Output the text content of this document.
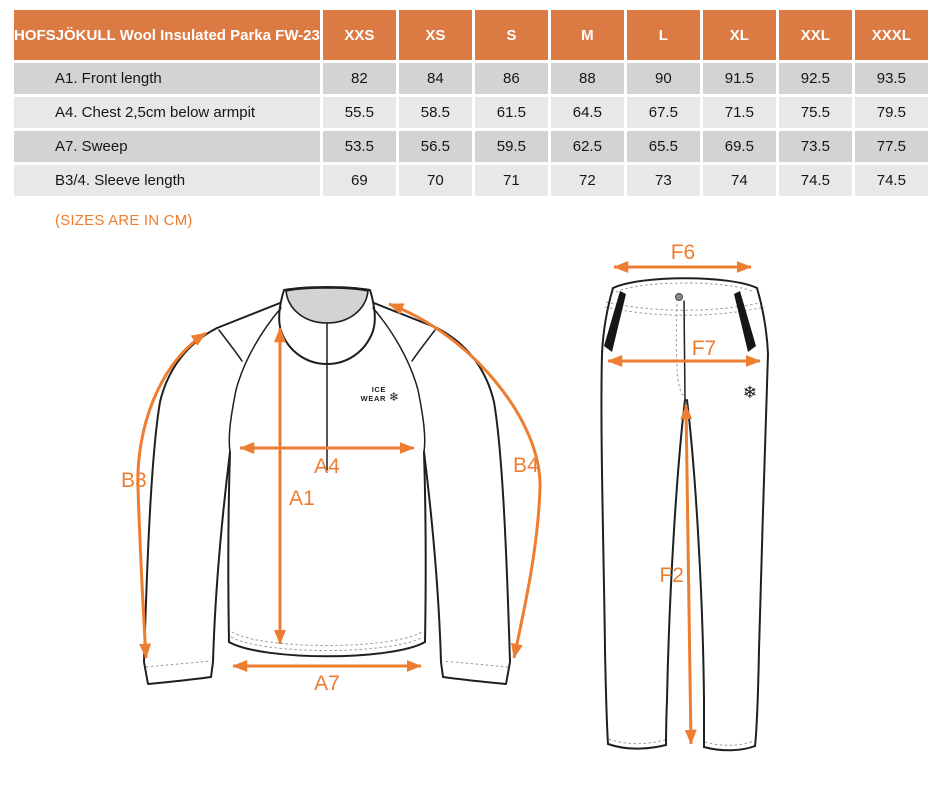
HOFSJÖKULL Wool Insulated Parka FW-23	XXS	XS	S	M	L	XL	XXL	XXXL
A1. Front length	82	84	86	88	90	91.5	92.5	93.5
A4. Chest 2,5cm below armpit	55.5	58.5	61.5	64.5	67.5	71.5	75.5	79.5
A7. Sweep	53.5	56.5	59.5	62.5	65.5	69.5	73.5	77.5
B3/4. Sleeve length	69	70	71	72	73	74	74.5	74.5
(SIZES ARE IN CM)
ICE
WEAR ❄
A1
A4
A7
B3
B4
❄
F6
F7
F2
